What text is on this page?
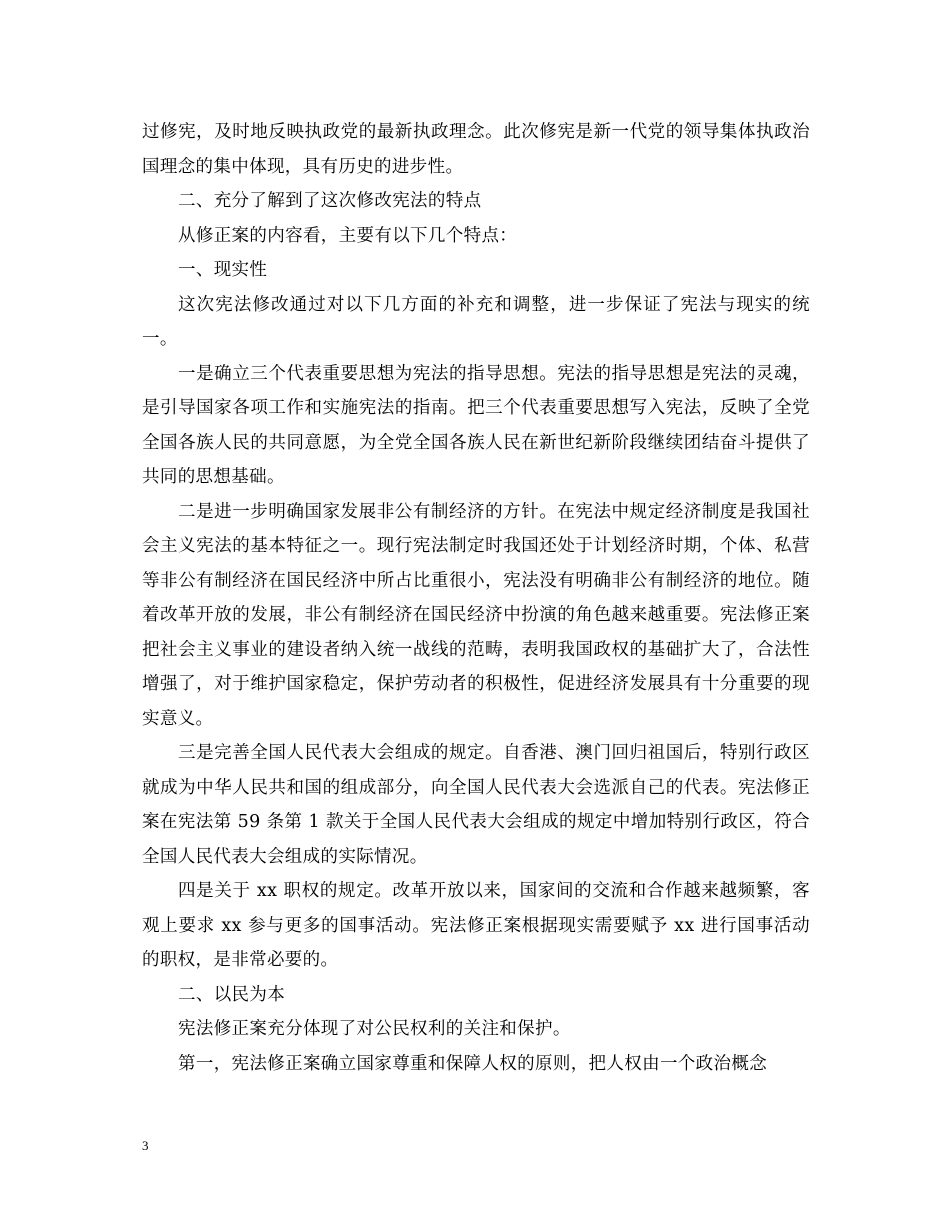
过修宪，及时地反映执政党的最新执政理念。此次修宪是新一代党的领导集体执政治国理念的集中体现，具有历史的进步性。

二、充分了解到了这次修改宪法的特点

从修正案的内容看，主要有以下几个特点：

一、现实性

这次宪法修改通过对以下几方面的补充和调整，进一步保证了宪法与现实的统一。

一是确立三个代表重要思想为宪法的指导思想。宪法的指导思想是宪法的灵魂，是引导国家各项工作和实施宪法的指南。把三个代表重要思想写入宪法，反映了全党全国各族人民的共同意愿，为全党全国各族人民在新世纪新阶段继续团结奋斗提供了共同的思想基础。

二是进一步明确国家发展非公有制经济的方针。在宪法中规定经济制度是我国社会主义宪法的基本特征之一。现行宪法制定时我国还处于计划经济时期，个体、私营等非公有制经济在国民经济中所占比重很小，宪法没有明确非公有制经济的地位。随着改革开放的发展，非公有制经济在国民经济中扮演的角色越来越重要。宪法修正案把社会主义事业的建设者纳入统一战线的范畴，表明我国政权的基础扩大了，合法性增强了，对于维护国家稳定，保护劳动者的积极性，促进经济发展具有十分重要的现实意义。

三是完善全国人民代表大会组成的规定。自香港、澳门回归祖国后，特别行政区就成为中华人民共和国的组成部分，向全国人民代表大会选派自己的代表。宪法修正案在宪法第 59 条第 1 款关于全国人民代表大会组成的规定中增加特别行政区，符合全国人民代表大会组成的实际情况。

四是关于 xx 职权的规定。改革开放以来，国家间的交流和合作越来越频繁，客观上要求 xx 参与更多的国事活动。宪法修正案根据现实需要赋予 xx 进行国事活动的职权，是非常必要的。

二、以民为本

宪法修正案充分体现了对公民权利的关注和保护。

第一，宪法修正案确立国家尊重和保障人权的原则，把人权由一个政治概念

3
